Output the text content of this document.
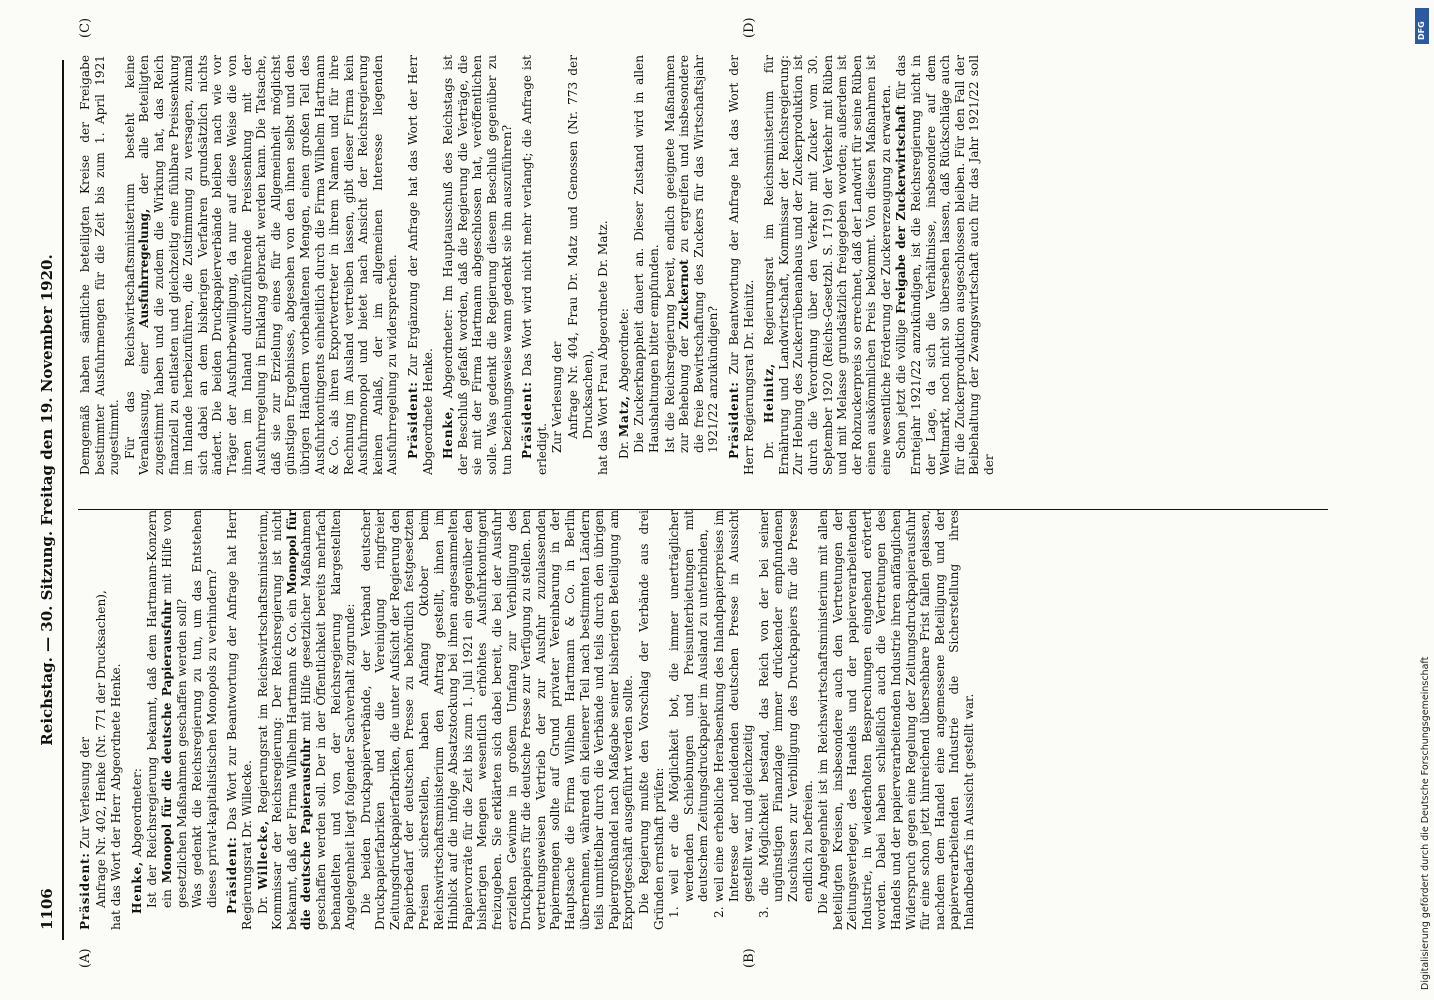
1106
Reichstag. — 30. Sitzung. Freitag den 19. November 1920.
(A)	(B)
(C)	(D)

Präsident: Zur Verlesung der Anfrage Nr. 402, Henke (Nr. 771 der Drucksachen), hat das Wort der Herr Abgeordnete Henke. Henke, Abgeordneter: Ist der Reichsregierung bekannt, daß dem Hartmann-Konzern ein Monopol für die deutsche Papierausfuhr mit Hilfe von gesetzlichen Maßnahmen geschaffen werden soll? Was gedenkt die Reichsregierung zu tun, um das Entstehen dieses privat-kapitalistischen Monopols zu verhindern? Präsident: Das Wort zur Beantwortung der Anfrage hat Herr Regierungsrat Dr. Willecke. Dr. Willecke, Regierungsrat im Reichswirtschaftsministerium, Kommissar der Reichsregierung: Der Reichsregierung ist nicht bekannt, daß der Firma Wilhelm Hartmann & Co. ein Monopol für die deutsche Papierausfuhr mit Hilfe gesetzlicher Maßnahmen geschaffen werden soll. Der in der Öffentlichkeit bereits mehrfach behandelten und von der Reichsregierung klargestellten Angelegenheit liegt folgender Sachverhalt zugrunde: Die beiden Druckpapierverbände, der Verband deutscher Druckpapierfabriken und die Vereinigung ringfreier Zeitungsdruckpapierfabriken, die unter Aufsicht der Regierung den Papierbedarf der deutschen Presse zu behördlich festgesetzten Preisen sicherstellen, haben Anfang Oktober beim Reichswirtschaftsministerium den Antrag gestellt, ihnen im Hinblick auf die infolge Absatzstockung bei ihnen angesammelten Papiervorräte für die Zeit bis zum 1. Juli 1921 ein gegenüber den bisherigen Mengen wesentlich erhöhtes Ausfuhrkontingent freizugeben. Sie erklärten sich dabei bereit, die bei der Ausfuhr erzielten Gewinne in großem Umfang zur Verbilligung des Druckpapiers für die deutsche Presse zur Verfügung zu stellen. Den vertretungsweisen Vertrieb der zur Ausfuhr zuzulassenden Papiermengen sollte auf Grund privater Vereinbarung in der Hauptsache die Firma Wilhelm Hartmann & Co. in Berlin übernehmen, während ein kleinerer Teil nach bestimmten Ländern teils unmittelbar durch die Verbände und teils durch den übrigen Papiergroßhandel nach Maßgabe seiner bisherigen Beteiligung am Exportgeschäft ausgeführt werden sollte. Die Regierung mußte den Vorschlag der Verbände aus drei Gründen ernsthaft prüfen: 1. weil er die Möglichkeit bot, die immer unerträglicher werdenden Schiebungen und Preisunterbietungen mit deutschem Zeitungsdruckpapier im Ausland zu unterbinden, 2. weil eine erhebliche Herabsenkung des Inlandpapierpreises im Interesse der notleidenden deutschen Presse in Aussicht gestellt war, und gleichzeitig 3. die Möglichkeit bestand, das Reich von der bei seiner ungünstigen Finanzlage immer drückender empfundenen Zuschüssen zur Verbilligung des Druckpapiers für die Presse endlich zu befreien. Die Angelegenheit ist im Reichswirtschaftsministerium mit allen beteiligten Kreisen, insbesondere auch den Vertretungen der Zeitungsverleger, des Handels und der papierverarbeitenden Industrie, in wiederholten Besprechungen eingehend erörtert worden. Dabei haben schließlich auch die Vertretungen des Handels und der papierverarbeitenden Industrie ihren anfänglichen Widerspruch gegen eine Regelung der Zeitungsdruckpapierausfuhr für eine schon jetzt hinreichend übersehbare Frist fallen gelassen, nachdem dem Handel eine angemessene Beteiligung und der papierverarbeitenden Industrie die Sicherstellung ihres Inlandbedarfs in Aussicht gestellt war.

Demgemäß haben sämtliche beteiligten Kreise der Freigabe bestimmter Ausfuhrmengen für die Zeit bis zum 1. April 1921 zugestimmt. Für das Reichswirtschaftsministerium besteht keine Veranlassung, einer Ausfuhrregelung, der alle Beteiligten zugestimmt haben und die zudem die Wirkung hat, das Reich finanziell zu entlasten und gleichzeitig eine fühlbare Preissenkung im Inlande herbeizuführen, die Zustimmung zu versagen, zumal sich dabei an dem bisherigen Verfahren grundsätzlich nichts ändert. Die beiden Druckpapierverbände bleiben nach wie vor Träger der Ausfuhrbewilligung, da nur auf diese Weise die von ihnen im Inland durchzuführende Preissenkung mit der Ausfuhrregelung in Einklang gebracht werden kann. Die Tatsache, daß sie zur Erzielung eines für die Allgemeinheit möglichst günstigen Ergebnisses, abgesehen von den ihnen selbst und den übrigen Händlern vorbehaltenen Mengen, einen großen Teil des Ausfuhrkontingents einheitlich durch die Firma Wilhelm Hartmann & Co. als ihren Exportvertreter in ihrem Namen und für ihre Rechnung im Ausland vertreiben lassen, gibt dieser Firma kein Ausfuhrmonopol und bietet nach Ansicht der Reichsregierung keinen Anlaß, der im allgemeinen Interesse liegenden Ausfuhrregelung zu widersprechen. Präsident: Zur Ergänzung der Anfrage hat das Wort der Herr Abgeordnete Henke. Henke, Abgeordneter: Im Hauptausschuß des Reichstags ist der Beschluß gefaßt worden, daß die Regierung die Verträge, die sie mit der Firma Hartmann abgeschlossen hat, veröffentlichen solle. Was gedenkt die Regierung diesem Beschluß gegenüber zu tun beziehungsweise wann gedenkt sie ihn auszuführen? Präsident: Das Wort wird nicht mehr verlangt; die Anfrage ist erledigt. Zur Verlesung der Anfrage Nr. 404, Frau Dr. Matz und Genossen (Nr. 773 der Drucksachen), hat das Wort Frau Abgeordnete Dr. Matz. Dr. Matz, Abgeordnete: Die Zuckerknappheit dauert an. Dieser Zustand wird in allen Haushaltungen bitter empfunden. Ist die Reichsregierung bereit, endlich geeignete Maßnahmen zur Behebung der Zuckernot zu ergreifen und insbesondere die freie Bewirtschaftung des Zuckers für das Wirtschaftsjahr 1921/22 anzukündigen? Präsident: Zur Beantwortung der Anfrage hat das Wort der Herr Regierungsrat Dr. Heinitz. Dr. Heinitz, Regierungsrat im Reichsministerium für Ernährung und Landwirtschaft, Kommissar der Reichsregierung: Zur Hebung des Zuckerrübenanbaus und der Zuckerproduktion ist durch die Verordnung über den Verkehr mit Zucker vom 30. September 1920 (Reichs-Gesetzbl. S. 1719) der Verkehr mit Rüben und mit Melasse grundsätzlich freigegeben worden; außerdem ist der Rohzuckerpreis so errechnet, daß der Landwirt für seine Rüben einen auskömmlichen Preis bekommt. Von diesen Maßnahmen ist eine wesentliche Förderung der Zuckererzeugung zu erwarten. Schon jetzt die völlige Freigabe der Zuckerwirtschaft für das Erntejahr 1921/22 anzukündigen, ist die Reichsregierung nicht in der Lage, da sich die Verhältnisse, insbesondere auf dem Weltmarkt, noch nicht so übersehen lassen, daß Rückschläge auch für die Zuckerproduktion ausgeschlossen bleiben. Für den Fall der Beibehaltung der Zwangswirtschaft auch für das Jahr 1921/22 soll der

Digitalisierung gefördert durch die Deutsche Forschungsgemeinschaft
DFG
